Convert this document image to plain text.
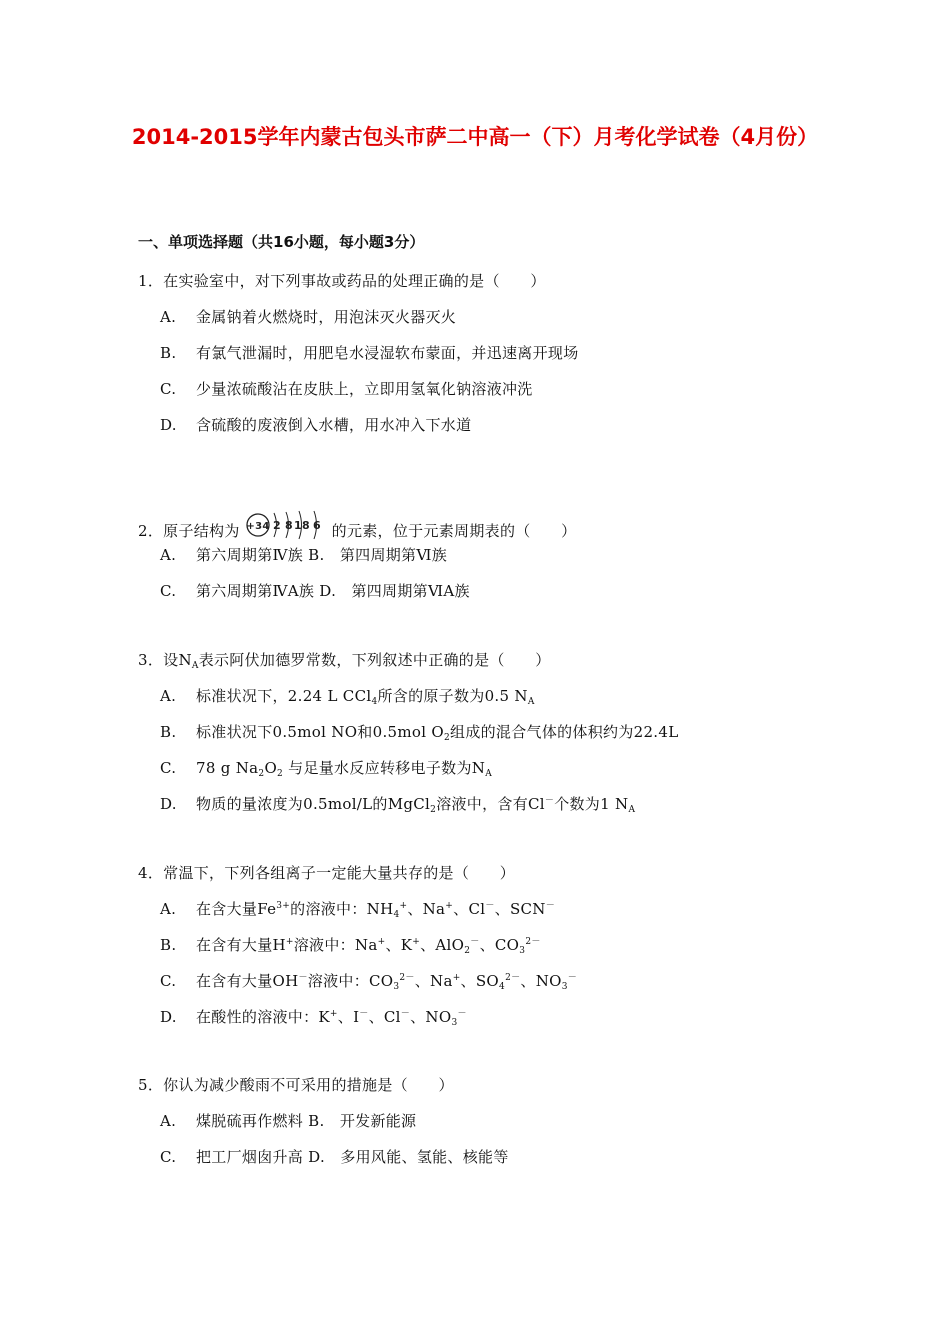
2014-2015学年内蒙古包头市萨二中高一（下）月考化学试卷（4月份）
一、单项选择题（共16小题，每小题3分）
1．在实验室中，对下列事故或药品的处理正确的是（　　）
A. 金属钠着火燃烧时，用泡沫灭火器灭火
B. 有氯气泄漏时，用肥皂水浸湿软布蒙面，并迅速离开现场
C. 少量浓硫酸沾在皮肤上，立即用氢氧化钠溶液冲洗
D. 含硫酸的废液倒入水槽，用水冲入下水道
2．原子结构为 +34 2 8 18 6 的元素，位于元素周期表的（　　）
A. 第六周期第Ⅳ族 B.　第四周期第Ⅵ族
C. 第六周期第ⅣA族 D.　第四周期第ⅥA族
3．设$N_A$表示阿伏加德罗常数，下列叙述中正确的是（　　）
A. 标准状况下，2.24 L CCl$_4$所含的原子数为0.5 $N_A$
B. 标准状况下0.5mol NO和0.5mol $O_2$组成的混合气体的体积约为22.4L
C. 78 g $Na_2O_2$ 与足量水反应转移电子数为$N_A$
D. 物质的量浓度为0.5mol/L的MgCl$_2$溶液中，含有Cl－个数为1 $N_A$
4．常温下，下列各组离子一定能大量共存的是（　　）
A. 在含大量$Fe^{3+}$的溶液中：$NH_4^+$、Na+、Cl－、SCN－
B. 在含有大量H+溶液中：Na+、K+、AlO$_2$－、$CO_3^{2-}$
C. 在含有大量OH－溶液中：$CO_3^{2-}$、Na+、$SO_4^{2-}$、$NO_3^-$
D. 在酸性的溶液中：K+、I－、Cl－、$NO_3^-$
5．你认为减少酸雨不可采用的措施是（　　）
A. 煤脱硫再作燃料 B.　开发新能源
C. 把工厂烟囱升高 D.　多用风能、氢能、核能等
